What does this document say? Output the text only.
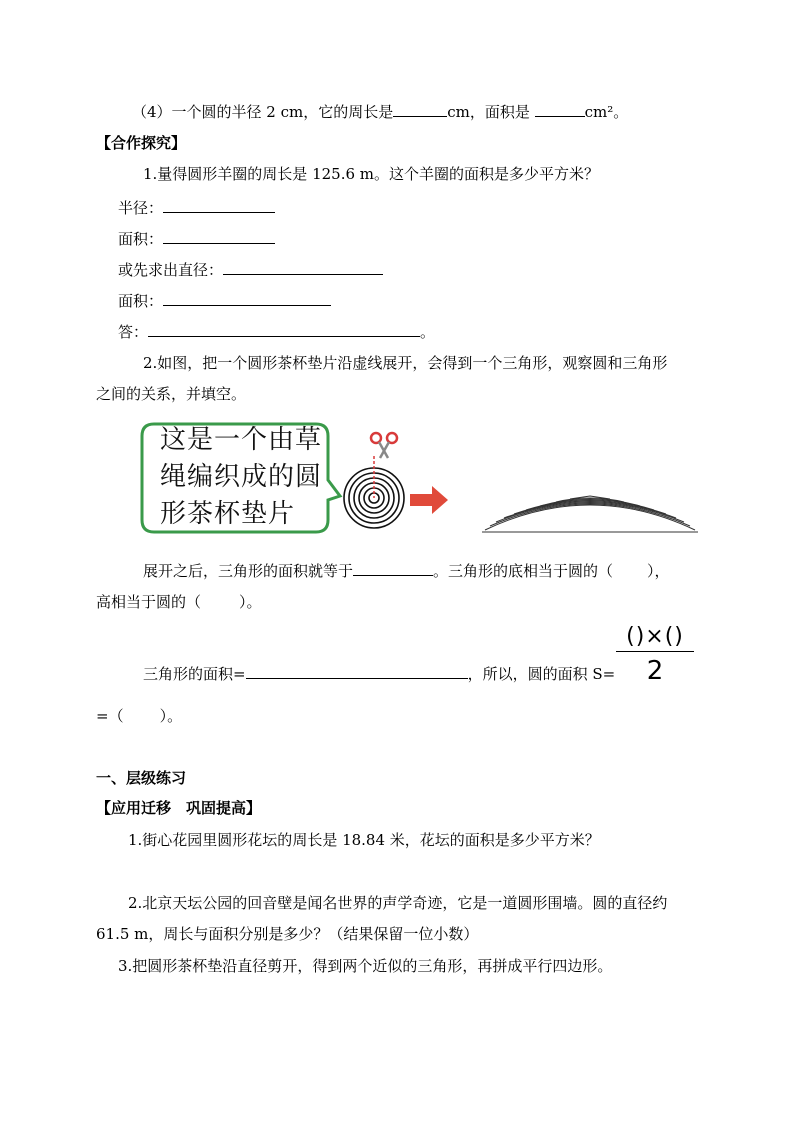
（4）一个圆的半径 2 cm，它的周长是	cm，面积是	cm²。
【合作探究】
1.量得圆形羊圈的周长是 125.6 m。这个羊圈的面积是多少平方米？
半径：
面积：
或先求出直径：
面积：
答：	。
2.如图，把一个圆形茶杯垫片沿虚线展开，会得到一个三角形，观察圆和三角形
之间的关系，并填空。
这是一个由草
绳编织成的圆
形茶杯垫片
展开之后，三角形的面积就等于	。三角形的底相当于圆的（ ），
高相当于圆的（	）。
三角形的面积=	，所以，圆的面积 S=
()×()
2
=（ ）。
一、层级练习
【应用迁移　巩固提高】
1.街心花园里圆形花坛的周长是 18.84 米，花坛的面积是多少平方米？
2.北京天坛公园的回音壁是闻名世界的声学奇迹，它是一道圆形围墙。圆的直径约
61.5 m，周长与面积分别是多少？（结果保留一位小数）
3.把圆形茶杯垫沿直径剪开，得到两个近似的三角形，再拼成平行四边形。
